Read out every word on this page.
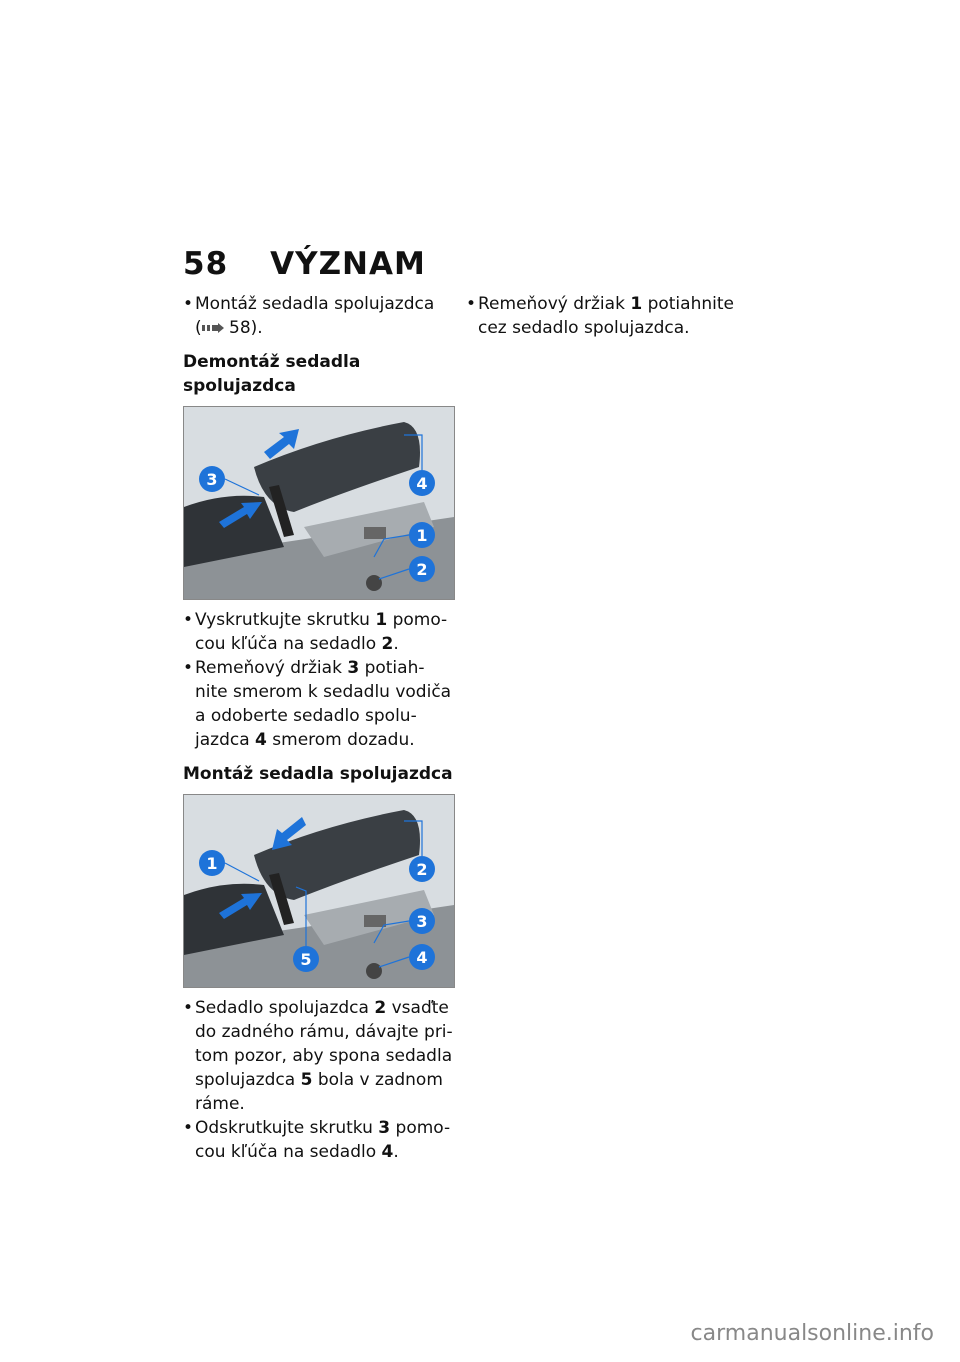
58 VÝZNAM

• Montáž sedadla spolujazdca
( 58).

Demontáž sedadla spolujazdca
1
2
3	4

• Vyskrutkujte skrutku 1 pomo-cou kľúča na sedadlo 2.

• Remeňový držiak 3 potiah-nite smerom k sedadlu vodiča a odoberte sedadlo spolu-jazdca 4 smerom dozadu.

Montáž sedadla spolujazdca
1	2
3
4
5

• Sedadlo spolujazdca 2 vsaďte do zadného rámu, dávajte pri-tom pozor, aby spona sedadla spolujazdca 5 bola v zadnom ráme.

• Odskrutkujte skrutku 3 pomo-cou kľúča na sedadlo 4.

• Remeňový držiak 1 potiahnite cez sedadlo spolujazdca.

carmanualsonline.info
